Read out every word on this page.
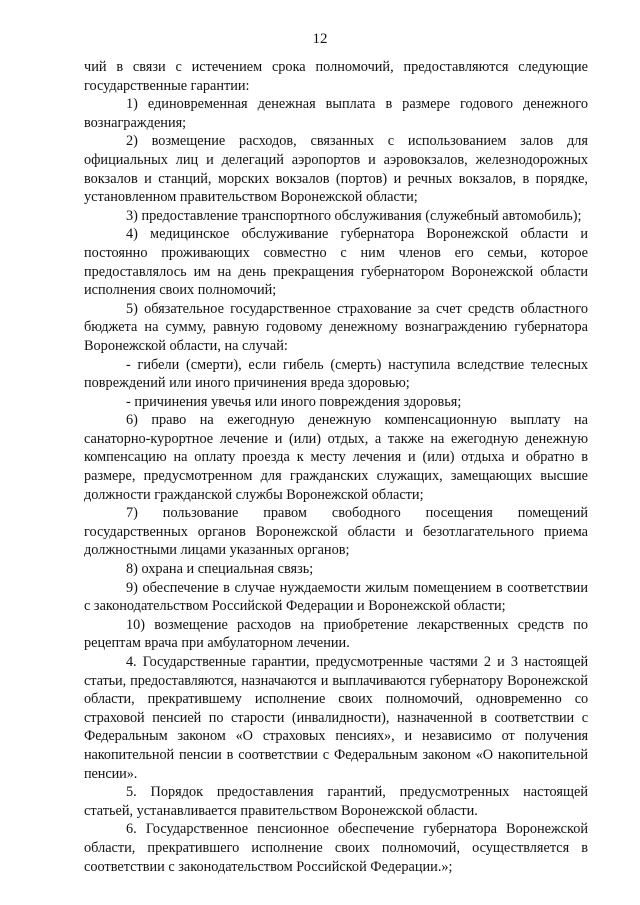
12

чий в связи с истечением срока полномочий, предоставляются следующие государственные гарантии:

1) единовременная денежная выплата в размере годового денежного вознаграждения;

2) возмещение расходов, связанных с использованием залов для официальных лиц и делегаций аэропортов и аэровокзалов, железнодорожных вокзалов и станций, морских вокзалов (портов) и речных вокзалов, в порядке, установленном правительством Воронежской области;

3) предоставление транспортного обслуживания (служебный автомобиль);

4) медицинское обслуживание губернатора Воронежской области и постоянно проживающих совместно с ним членов его семьи, которое предоставлялось им на день прекращения губернатором Воронежской области исполнения своих полномочий;

5) обязательное государственное страхование за счет средств областного бюджета на сумму, равную годовому денежному вознаграждению губернатора Воронежской области, на случай:

- гибели (смерти), если гибель (смерть) наступила вследствие телесных повреждений или иного причинения вреда здоровью;

- причинения увечья или иного повреждения здоровья;

6) право на ежегодную денежную компенсационную выплату на санаторно-курортное лечение и (или) отдых, а также на ежегодную денежную компенсацию на оплату проезда к месту лечения и (или) отдыха и обратно в размере, предусмотренном для гражданских служащих, замещающих высшие должности гражданской службы Воронежской области;

7) пользование правом свободного посещения помещений государственных органов Воронежской области и безотлагательного приема должностными лицами указанных органов;

8) охрана и специальная связь;

9) обеспечение в случае нуждаемости жилым помещением в соответствии с законодательством Российской Федерации и Воронежской области;

10) возмещение расходов на приобретение лекарственных средств по рецептам врача при амбулаторном лечении.

4. Государственные гарантии, предусмотренные частями 2 и 3 настоящей статьи, предоставляются, назначаются и выплачиваются губернатору Воронежской области, прекратившему исполнение своих полномочий, одновременно со страховой пенсией по старости (инвалидности), назначенной в соответствии с Федеральным законом «О страховых пенсиях», и независимо от получения накопительной пенсии в соответствии с Федеральным законом «О накопительной пенсии».

5. Порядок предоставления гарантий, предусмотренных настоящей статьей, устанавливается правительством Воронежской области.

6. Государственное пенсионное обеспечение губернатора Воронежской области, прекратившего исполнение своих полномочий, осуществляется в соответствии с законодательством Российской Федерации.»;
